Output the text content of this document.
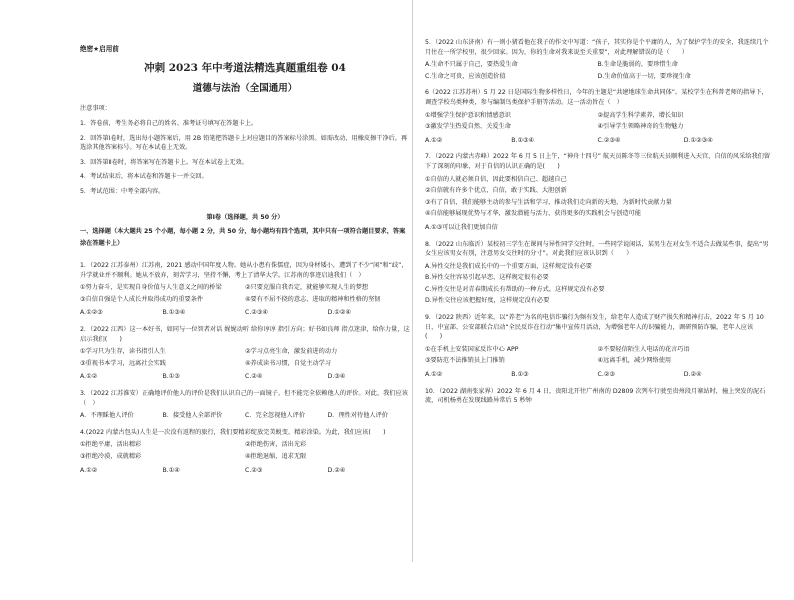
绝密★启用前
冲刺 2023 年中考道法精选真题重组卷 04
道德与法治（全国通用）
注意事项：

1．答卷前，考生务必将自己的姓名、准考证号填写在答题卡上。

2．回答第Ⅰ卷时，选出每小题答案后，用 2B 铅笔把答题卡上对应题目的答案标号涂黑。如需改动，用橡皮擦干净后，再选涂其他答案标号。写在本试卷上无效。

3．回答第Ⅱ卷时，将答案写在答题卡上。写在本试卷上无效。

4．考试结束后，将本试卷和答题卡一并交回。

5．考试范围：中考全部内容。

第Ⅰ卷（选择题，共 50 分）
一、选择题（本大题共 25 个小题，每小题 2 分，共 50 分，每小题均有四个选项，其中只有一项符合题目要求，答案涂在答题卡上）

1．（2022 江苏泰州）江苏南，2021 感动中国年度人物。她从小患有侏儒症，因为身材矮小，遭到了不少“闲”和“歧”，升学就业并不顺利。她从不放弃，刻苦学习，坚持不懈，考上了清华大学。江苏南的事迹启迪我们（　）

①努力奋斗，是实现自身价值与人生意义之间的桥梁	②只要克服自我否定，就能够实现人生的梦想
③自信自强是个人成长并取得成功的重要条件	④要有不屈不挠的意志、进取的精神和性格的坚韧
A.①②③	B.①③④	C.②③④	D.①②④

2．（2022 江西）这一本好书，如同与一位智者对话 娓娓动听 给你谆谆 指引方向；好书如良师 指点迷津，给你力量，这启示我们(　　)

①学习只为生存，读书指引人生	②学习点亮生命，激发前进的动力
③重视书本学习，远离社会实践	④养成读书习惯，自觉主动学习
A.①②	B.①③	C.②④	D.③④

3．（2022 江苏淮安）正确地评价他人的评价是我们认识自己的一面镜子，但不能完全依赖他人的评价。对此，我们应该（　）

A．不理睬他人评价	B．接受他人全部评价	C．完全忽视他人评价	D．理性对待他人评价

4.(2022 内蒙古包头)人生是一次没有返程的旅行，我们要精彩绽放完美蜕变、精彩涂染。为此，我们应该(　　)

①拒绝平庸，活出精彩	②拒绝伤害，活出光彩
③拒绝冷漠，成就精彩	④拒绝退缩，追求无限
A.①②	B.①④	C.②③	D.②④

5．（2022 山东济南）有一则小猪看他在我子的作文中写道：“孩子，其实你是个平庸的人，为了保护学生的安全，我连续几个月住在一所学校里，很少回家。因为，你的生命对我来说至关重要”，对此理解错误的是（　　）

A.生命不只属于自己，要热爱生命	B.生命是脆弱的，要珍惜生命
C.生命之可贵，应该创造价值	D.生命价值高于一切，要珍视生命

6（2022 江苏苏州）5 月 22 日是国际生物多样性日，今年的主题是“共建地球生命共同体”。某校学生在科普老师的指导下，调查学校鸟类种类，参与编制鸟类保护手册等活动。这一活动旨在（　）

①增强学生保护意识和情感意识	②提高学生科学素养，增长知识
③激发学生热爱自然、关爱生命	④引导学生领略神奇的生物魅力
A.①②	B.①③④	C.②③④	D.①②③④

7．（2022 内蒙古赤峰）2022 年 6 月 5 日上午，“神舟十四号” 航天员陈冬等三位航天员顺利进入天宫，自信的风采给我们留下了深刻的印象，对于自信的认识正确的是(　　)

①自信的人就必须自信，因此要相信自己、超越自己
②自信就有许多个优点，自信，敢于实践、大胆创新
③有了自信，我们能够主动的参与生活和学习，推动我们走向新的天地，为新时代贡献力量
④自信能够展现优势与才华，激发潜能与活力，获得更多的实践机会与创造可能
A.①③可以让我们更加自信

8．（2022 山东临沂）某校初三学生在课间与异性同学交往时，一些同学说闲话，某男生在对女生不适合去做某些事，提出“男女生应该男女有别，注意男女交往时的分寸”。对此我们应该认识到（　　）

A.异性交往是我们成长中的一个重要方面，这样规定没有必要
B.异性交往容易引起早恋，这样规定很有必要
C.异性交往是对青春期成长有帮助的一种方式，这样规定没有必要
D.异性交往应该把握好度，这样规定没有必要

9．（2022 陕西）近年来，以“养老”为名的电信诈骗行为频有发生，给老年人造成了财产损失和精神打击，2022 年 5 月 10 日，中宣部、公安部联合启动“全民反诈在行动”集中宣传月活动，为增强老年人的识骗能力，调研预防诈骗，老年人应该(　　)

①在手机上安装国家反诈中心 APP	②不要轻信陌生人电话的花言巧语
③要防范不法推销员上门推销	④远离手机，减少网络使用
A.①②	B.①③	C.②③	D.②④

10．（2022 湖南张家界）2022 年 6 月 4 日，贵阳北开往广州南的 D2809 次列车行驶至贵州段月寨站时，撞上突发的泥石流，司机杨勇在发现线路异常后 5 秒钟
